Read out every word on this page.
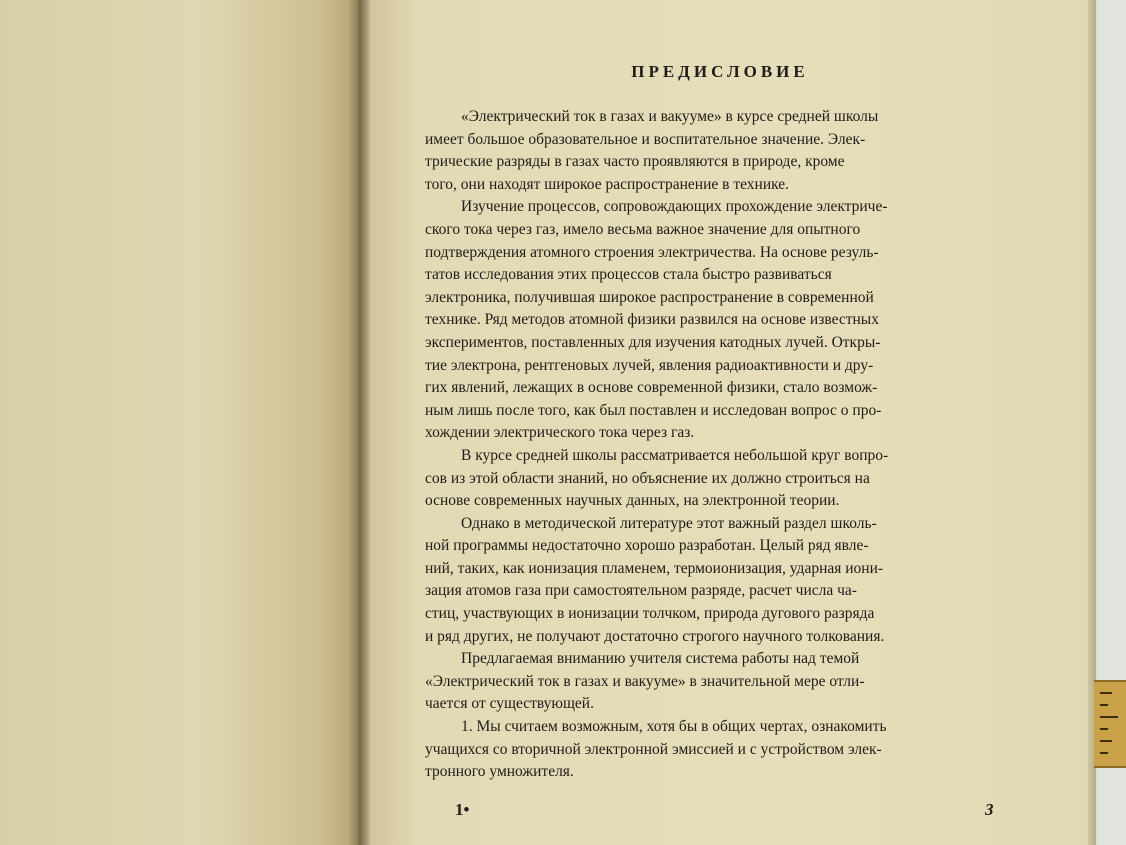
ПРЕДИСЛОВИЕ

«Электрический ток в газах и вакууме» в курсе средней школы
имеет большое образовательное и воспитательное значение. Элек-
трические разряды в газах часто проявляются в природе, кроме
того, они находят широкое распространение в технике.

Изучение процессов, сопровождающих прохождение электриче-
ского тока через газ, имело весьма важное значение для опытного
подтверждения атомного строения электричества. На основе резуль-
татов исследования этих процессов стала быстро развиваться
электроника, получившая широкое распространение в современной
технике. Ряд методов атомной физики развился на основе известных
экспериментов, поставленных для изучения катодных лучей. Откры-
тие электрона, рентгеновых лучей, явления радиоактивности и дру-
гих явлений, лежащих в основе современной физики, стало возмож-
ным лишь после того, как был поставлен и исследован вопрос о про-
хождении электрического тока через газ.

В курсе средней школы рассматривается небольшой круг вопро-
сов из этой области знаний, но объяснение их должно строиться на
основе современных научных данных, на электронной теории.

Однако в методической литературе этот важный раздел школь-
ной программы недостаточно хорошо разработан. Целый ряд явле-
ний, таких, как ионизация пламенем, термоионизация, ударная иони-
зация атомов газа при самостоятельном разряде, расчет числа ча-
стиц, участвующих в ионизации толчком, природа дугового разряда
и ряд других, не получают достаточно строгого научного толкования.

Предлагаемая вниманию учителя система работы над темой
«Электрический ток в газах и вакууме» в значительной мере отли-
чается от существующей.

1. Мы считаем возможным, хотя бы в общих чертах, ознакомить
учащихся со вторичной электронной эмиссией и с устройством элек-
тронного умножителя.

1•	3
